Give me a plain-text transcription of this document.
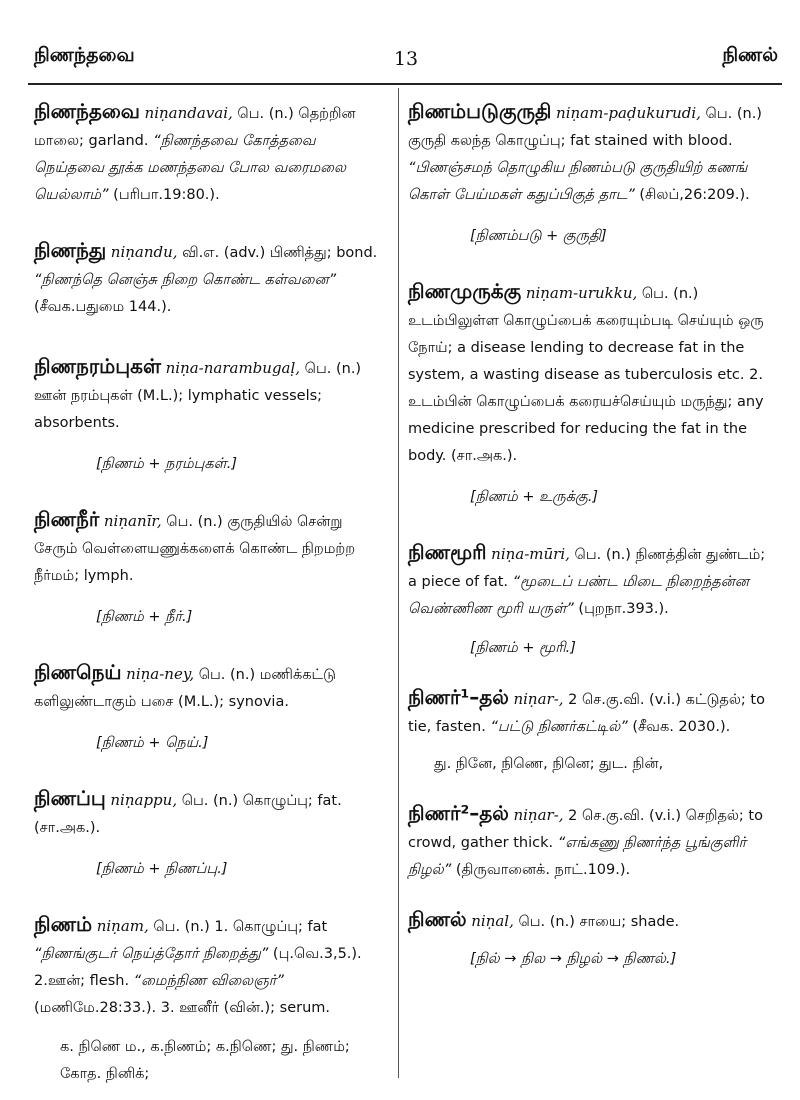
நிணந்தவை	13	நிணல்

நிணந்தவை niṇandavai, பெ. (n.) தெற்றின மாலை; garland. “நிணந்தவை கோத்தவை நெய்தவை தூக்க மணந்தவை போல வரைமலை யெல்லாம்” (பரிபா.19:80.).

நிணந்து niṇandu, வி.எ. (adv.) பிணித்து; bond. “நிணந்தெ னெஞ்சு நிறை கொண்ட கள்வனை” (சீவக.பதுமை 144.).

நிணநரம்புகள் niṇa-narambugaḷ, பெ. (n.) ஊன் நரம்புகள் (M.L.); lymphatic vessels; absorbents.

[நிணம் + நரம்புகள்.]

நிணநீர் niṇanīr, பெ. (n.) குருதியில் சென்று சேரும் வெள்ளையணுக்களைக் கொண்ட நிறமற்ற நீர்மம்; lymph.

[நிணம் + நீர்.]

நிணநெய் niṇa-ney, பெ. (n.) மணிக்கட்டு களிலுண்டாகும் பசை (M.L.); synovia.

[நிணம் + நெய்.]

நிணப்பு niṇappu, பெ. (n.) கொழுப்பு; fat. (சா.அக.).

[நிணம் + நிணப்பு.]

நிணம் niṇam, பெ. (n.) 1. கொழுப்பு; fat “நிணங்குடர் நெய்த்தோர் நிறைத்து” (பு.வெ.3,5.). 2.ஊன்; flesh. “மைந்நிண விலைஞர்” (மணிமே.28:33.). 3. ஊனீர் (வின்.); serum.

க. நிணெ ம., க.நிணம்; க.நிணெ; து. நிணம்; கோத. நினிக்;

நிணம்படுகுருதி niṇam-paḍukurudi, பெ. (n.) குருதி கலந்த கொழுப்பு; fat stained with blood. “பிணஞ்சமந் தொழுகிய நிணம்படு குருதியிற் கணங் கொள் பேய்மகள் கதுப்பிகுத் தாட” (சிலப்,26:209.).

[நிணம்படு + குருதி]

நிணமுருக்கு niṇam-urukku, பெ. (n.) உடம்பிலுள்ள கொழுப்பைக் கரையும்படி செய்யும் ஒரு நோய்; a disease lending to decrease fat in the system, a wasting disease as tuberculosis etc. 2. உடம்பின் கொழுப்பைக் கரையச்செய்யும் மருந்து; any medicine prescribed for reducing the fat in the body. (சா.அக.).

[நிணம் + உருக்கு.]

நிணமூரி niṇa-mūri, பெ. (n.) நிணத்தின் துண்டம்; a piece of fat. “மூடைப் பண்ட மிடை நிறைந்தன்ன வெண்ணிண மூரி யருள்” (புறநா.393.).

[நிணம் + மூரி.]

நிணர்¹–தல் niṇar-, 2 செ.கு.வி. (v.i.) கட்டுதல்; to tie, fasten. “பட்டு நிணர்கட்டில்” (சீவக. 2030.).

து. நினே, நிணெ, நினெ; துட. நின்,

நிணர்²–தல் niṇar-, 2 செ.கு.வி. (v.i.) செறிதல்; to crowd, gather thick. “எங்கணு நிணர்ந்த பூங்குளிர் நிழல்” (திருவானைக். நாட்.109.).

நிணல் niṇal, பெ. (n.) சாயை; shade.

[நில் → நில → நிழல் → நிணல்.]
